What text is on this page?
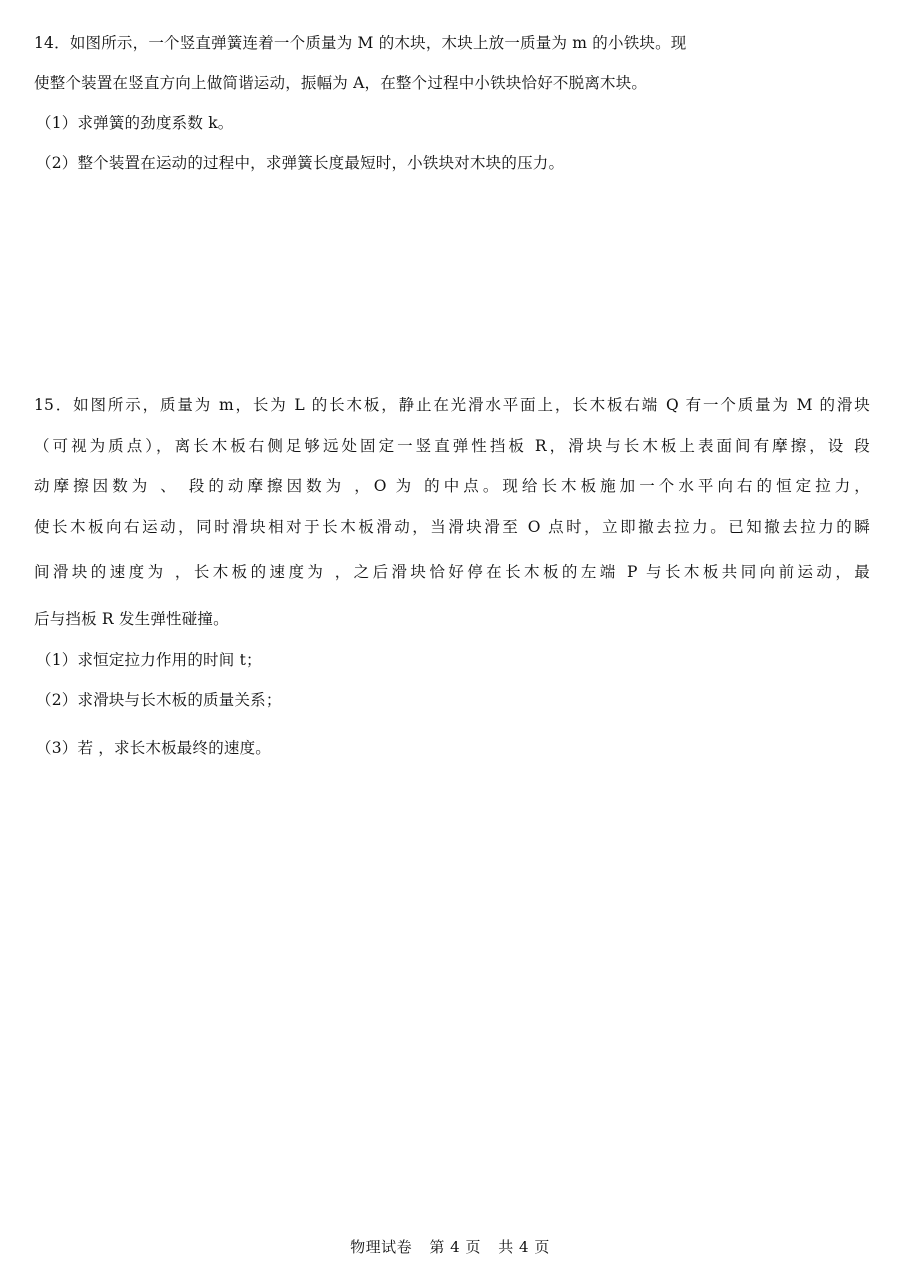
14．如图所示，一个竖直弹簧连着一个质量为 M 的木块，木块上放一质量为 m 的小铁块。现
使整个装置在竖直方向上做简谐运动，振幅为 A，在整个过程中小铁块恰好不脱离木块。
（1）求弹簧的劲度系数 k。
（2）整个装置在运动的过程中，求弹簧长度最短时，小铁块对木块的压力。
15．如图所示，质量为 m，长为 L 的长木板，静止在光滑水平面上，长木板右端 Q 有一个质量为 M 的滑块
（可视为质点），离长木板右侧足够远处固定一竖直弹性挡板 R，滑块与长木板上表面间有摩擦，设 段
动摩擦因数为 、 段的动摩擦因数为 ，O 为 的中点。现给长木板施加一个水平向右的恒定拉力，
使长木板向右运动，同时滑块相对于长木板滑动，当滑块滑至 O 点时，立即撤去拉力。已知撤去拉力的瞬
间滑块的速度为 ，长木板的速度为 ，之后滑块恰好停在长木板的左端 P 与长木板共同向前运动，最
后与挡板 R 发生弹性碰撞。
（1）求恒定拉力作用的时间 t；
（2）求滑块与长木板的质量关系；
（3）若 ，求长木板最终的速度。
物理试卷 第 4 页 共 4 页
